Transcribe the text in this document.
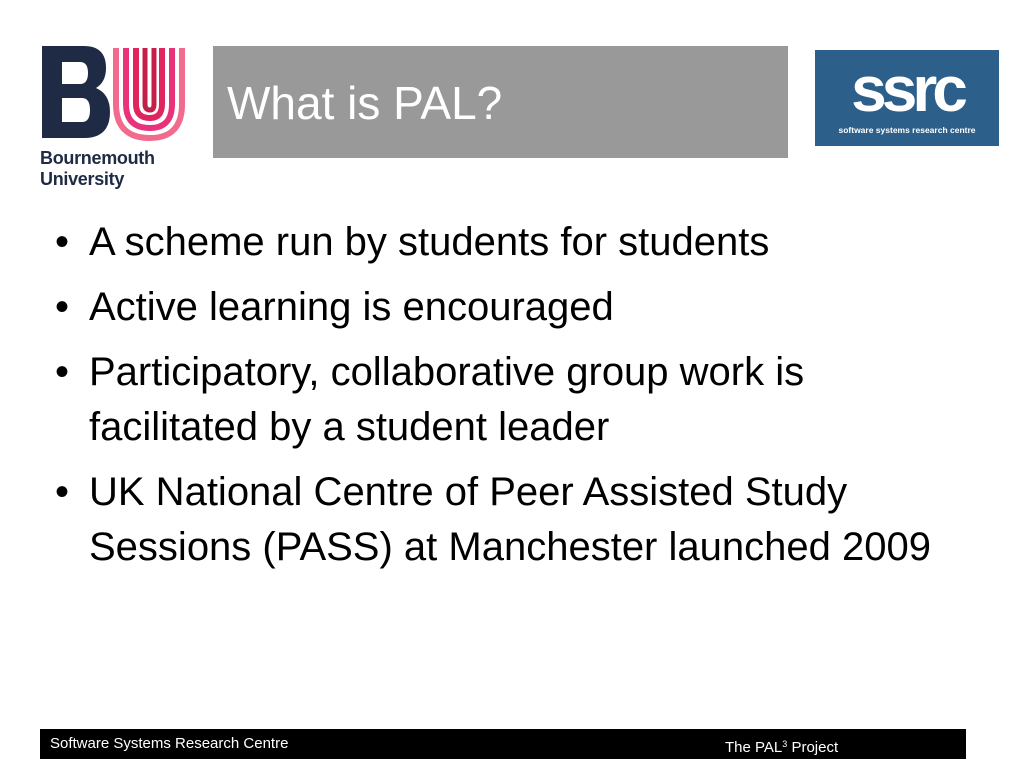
Bournemouth
University
What is PAL?	ssrc
software systems research centre
• A scheme run by students for students
• Active learning is encouraged
• Participatory, collaborative group work is facilitated by a student leader
• UK National Centre of Peer Assisted Study Sessions (PASS) at Manchester launched 2009
Software Systems Research Centre	The PAL$^3$ Project
